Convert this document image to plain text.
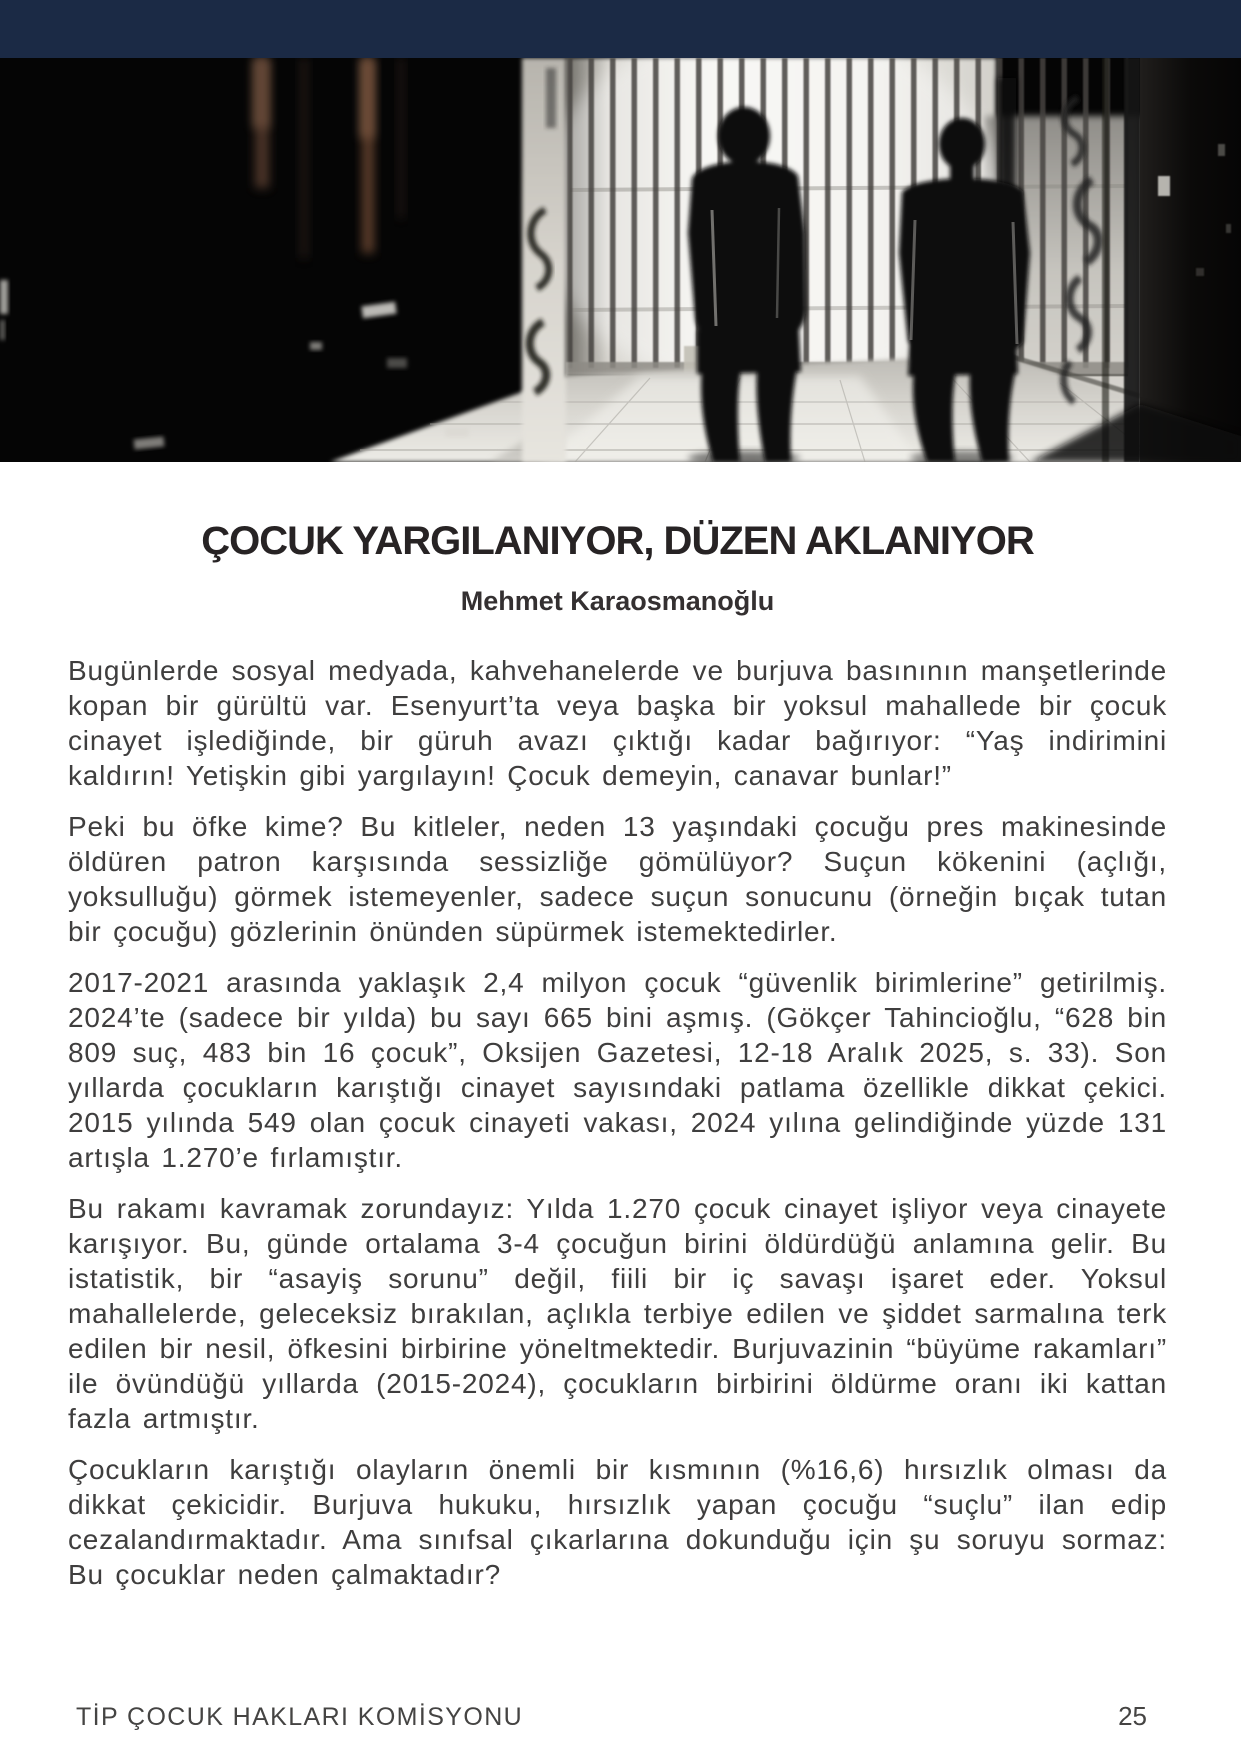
ÇOCUK YARGILANIYOR, DÜZEN AKLANIYOR
Mehmet Karaosmanoğlu

Bugünlerde sosyal medyada, kahvehanelerde ve burjuva basınının manşetlerinde kopan bir gürültü var. Esenyurt’ta veya başka bir yoksul mahallede bir çocuk cinayet işlediğinde, bir güruh avazı çıktığı kadar bağırıyor: “Yaş indirimini kaldırın! Yetişkin gibi yargılayın! Çocuk demeyin, canavar bunlar!”

Peki bu öfke kime? Bu kitleler, neden 13 yaşındaki çocuğu pres makinesinde öldüren patron karşısında sessizliğe gömülüyor? Suçun kökenini (açlığı, yoksulluğu) görmek istemeyenler, sadece suçun sonucunu (örneğin bıçak tutan bir çocuğu) gözlerinin önünden süpürmek istemektedirler.

2017-2021 arasında yaklaşık 2,4 milyon çocuk “güvenlik birimlerine” getirilmiş. 2024’te (sadece bir yılda) bu sayı 665 bini aşmış. (Gökçer Tahincioğlu, “628 bin 809 suç, 483 bin 16 çocuk”, Oksijen Gazetesi, 12-18 Aralık 2025, s. 33). Son yıllarda çocukların karıştığı cinayet sayısındaki patlama özellikle dikkat çekici. 2015 yılında 549 olan çocuk cinayeti vakası, 2024 yılına gelindiğinde yüzde 131 artışla 1.270’e fırlamıştır.

Bu rakamı kavramak zorundayız: Yılda 1.270 çocuk cinayet işliyor veya cinayete karışıyor. Bu, günde ortalama 3-4 çocuğun birini öldürdüğü anlamına gelir. Bu istatistik, bir “asayiş sorunu” değil, fiili bir iç savaşı işaret eder. Yoksul mahallelerde, geleceksiz bırakılan, açlıkla terbiye edilen ve şiddet sarmalına terk edilen bir nesil, öfkesini birbirine yöneltmektedir. Burjuvazinin “büyüme rakamları” ile övündüğü yıllarda (2015-2024), çocukların birbirini öldürme oranı iki kattan fazla artmıştır.

Çocukların karıştığı olayların önemli bir kısmının (%16,6) hırsızlık olması da dikkat çekicidir. Burjuva hukuku, hırsızlık yapan çocuğu “suçlu” ilan edip cezalandırmaktadır. Ama sınıfsal çıkarlarına dokunduğu için şu soruyu sormaz: Bu çocuklar neden çalmaktadır?

TİP ÇOCUK HAKLARI KOMİSYONU	25
